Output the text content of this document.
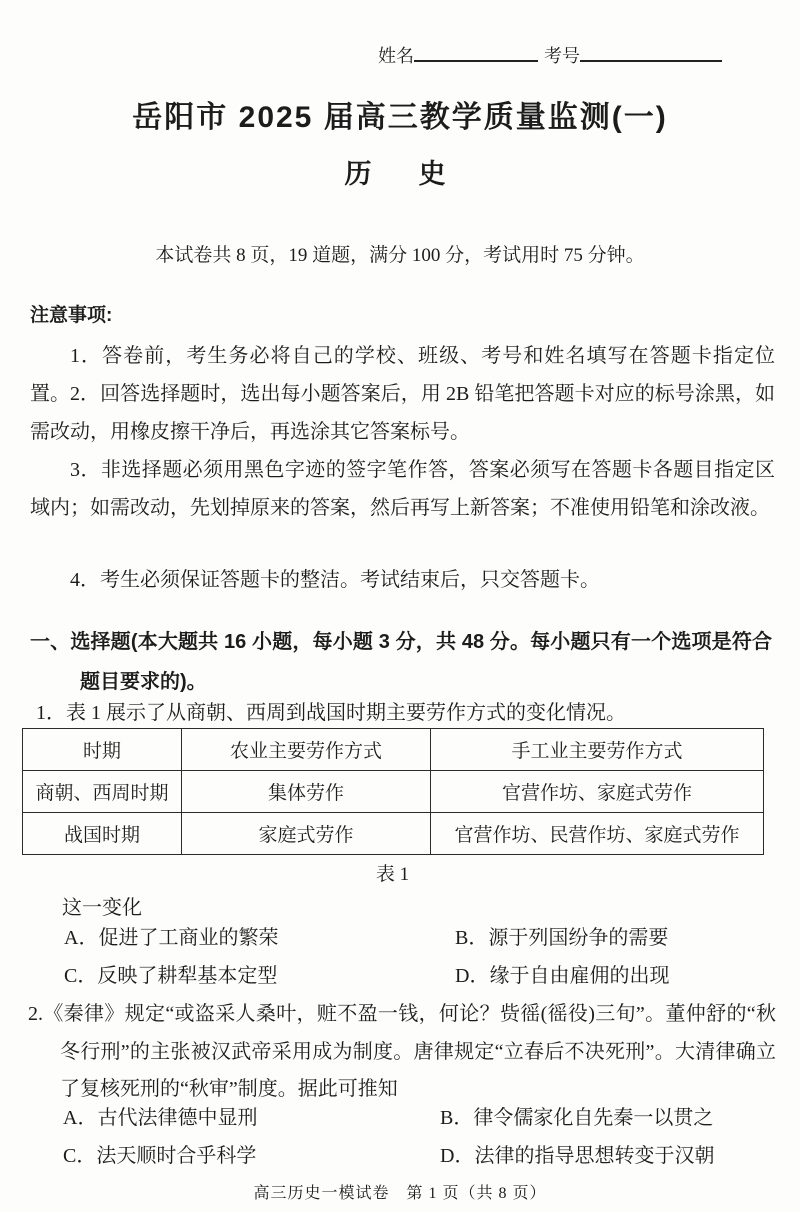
姓名	考号
岳阳市 2025 届高三教学质量监测(一)
历　史
本试卷共 8 页，19 道题，满分 100 分，考试用时 75 分钟。
注意事项:
1．答卷前，考生务必将自己的学校、班级、考号和姓名填写在答题卡指定位置。 2．回答选择题时，选出每小题答案后，用 2B 铅笔把答题卡对应的标号涂黑，如需改动，用橡皮擦干净后，再选涂其它答案标号。
3．非选择题必须用黑色字迹的签字笔作答，答案必须写在答题卡各题目指定区域内；如需改动，先划掉原来的答案，然后再写上新答案；不准使用铅笔和涂改液。
4．考生必须保证答题卡的整洁。考试结束后，只交答题卡。
一、选择题(本大题共 16 小题，每小题 3 分，共 48 分。每小题只有一个选项是符合题目要求的)。
1．表 1 展示了从商朝、西周到战国时期主要劳作方式的变化情况。
时期	农业主要劳作方式	手工业主要劳作方式
商朝、西周时期	集体劳作	官营作坊、家庭式劳作
战国时期	家庭式劳作	官营作坊、民营作坊、家庭式劳作
表 1
这一变化
A．促进了工商业的繁荣	B．源于列国纷争的需要
C．反映了耕犁基本定型	D．缘于自由雇佣的出现
2.《秦律》规定“或盗采人桑叶，赃不盈一钱，何论？赀徭(徭役)三旬”。董仲舒的“秋冬行刑”的主张被汉武帝采用成为制度。唐律规定“立春后不决死刑”。大清律确立了复核死刑的“秋审”制度。据此可推知
A．古代法律德中显刑	B．律令儒家化自先秦一以贯之
C．法天顺时合乎科学	D．法律的指导思想转变于汉朝
高三历史一模试卷　第 1 页（共 8 页）
